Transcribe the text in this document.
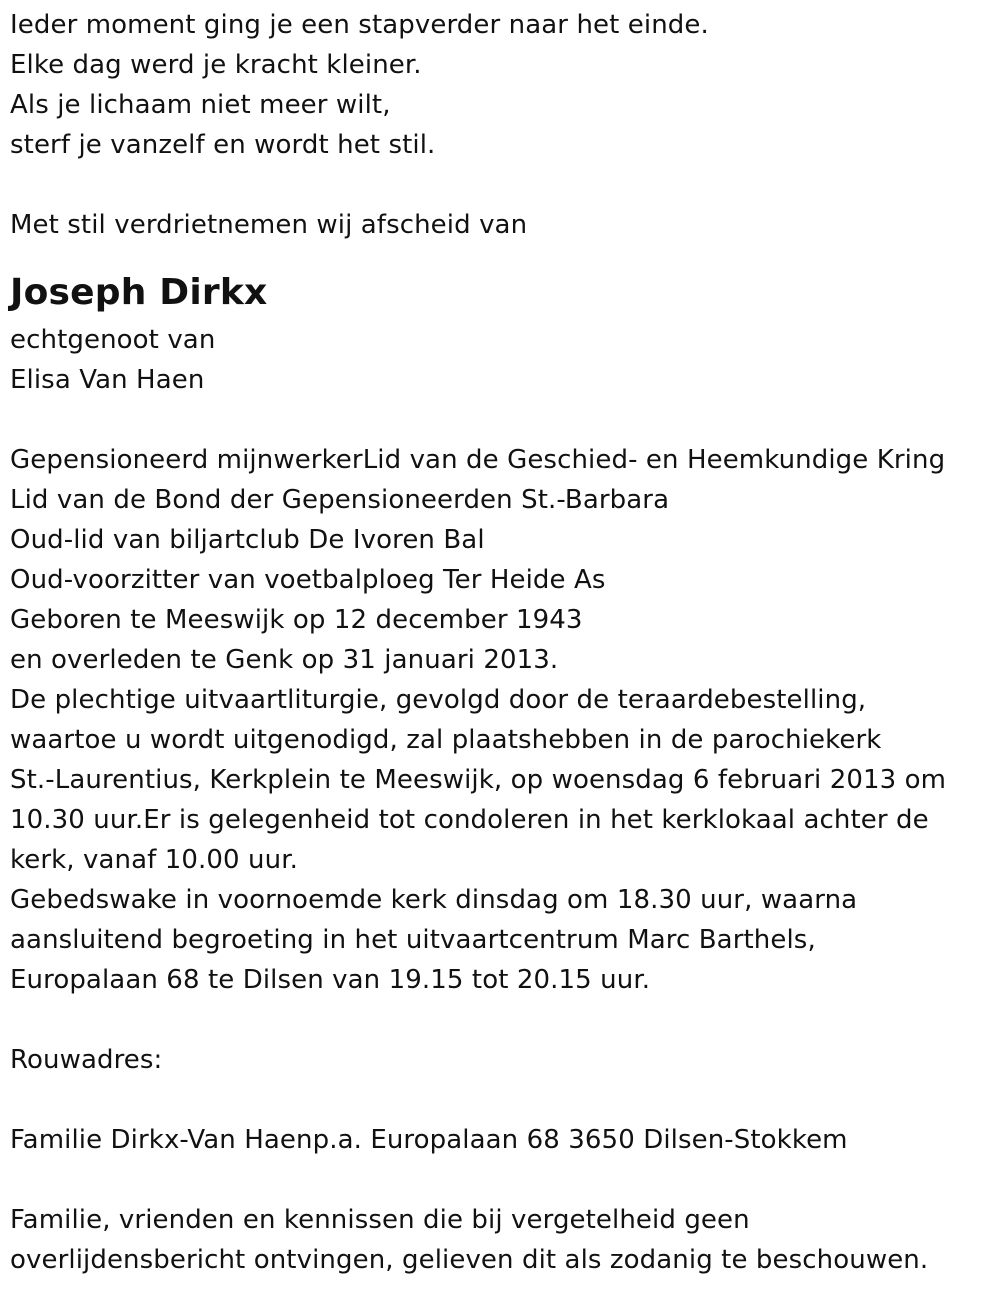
Ieder moment ging je een stapverder naar het einde.
Elke dag werd je kracht kleiner.
Als je lichaam niet meer wilt,
sterf je vanzelf en wordt het stil.
Met stil verdrietnemen wij afscheid van
Joseph Dirkx
echtgenoot van
Elisa Van Haen
Gepensioneerd mijnwerkerLid van de Geschied- en Heemkundige Kring
Lid van de Bond der Gepensioneerden St.-Barbara
Oud-lid van biljartclub De Ivoren Bal
Oud-voorzitter van voetbalploeg Ter Heide As
Geboren te Meeswijk op 12 december 1943
en overleden te Genk op 31 januari 2013.
De plechtige uitvaartliturgie, gevolgd door de teraardebestelling,
waartoe u wordt uitgenodigd, zal plaatshebben in de parochiekerk
St.-Laurentius, Kerkplein te Meeswijk, op woensdag 6 februari 2013 om
10.30 uur.Er is gelegenheid tot condoleren in het kerklokaal achter de
kerk, vanaf 10.00 uur.
Gebedswake in voornoemde kerk dinsdag om 18.30 uur, waarna
aansluitend begroeting in het uitvaartcentrum Marc Barthels,
Europalaan 68 te Dilsen van 19.15 tot 20.15 uur.
Rouwadres:
Familie Dirkx-Van Haenp.a. Europalaan 68 3650 Dilsen-Stokkem
Familie, vrienden en kennissen die bij vergetelheid geen
overlijdensbericht ontvingen, gelieven dit als zodanig te beschouwen.
